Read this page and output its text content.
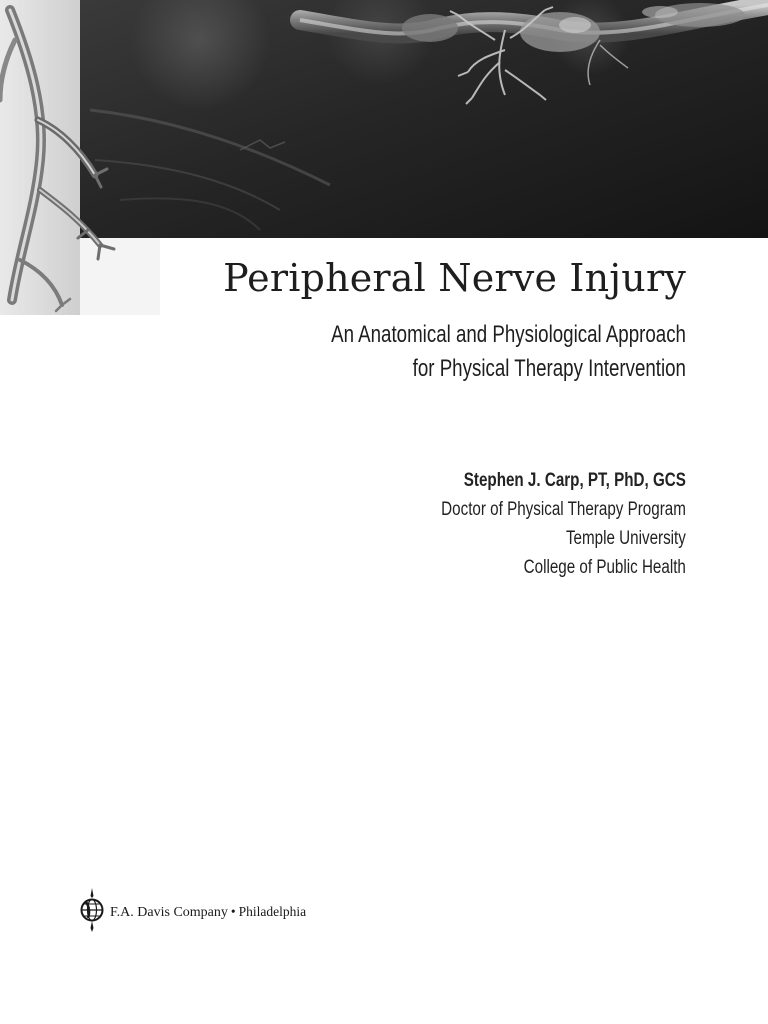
Peripheral Nerve Injury
An Anatomical and Physiological Approach
for Physical Therapy Intervention
Stephen J. Carp, PT, PhD, GCS
Doctor of Physical Therapy Program
Temple University
College of Public Health
F.A. Davis Company • Philadelphia
